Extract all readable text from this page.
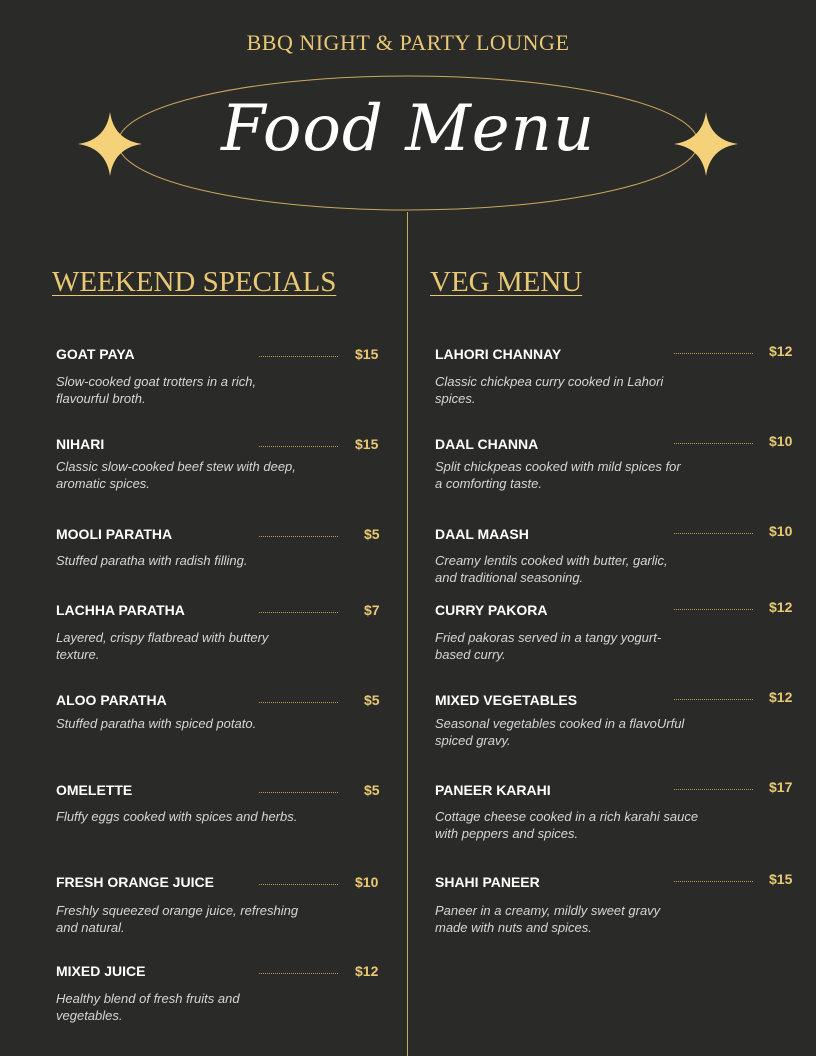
BBQ NIGHT & PARTY LOUNGE
Food Menu
WEEKEND SPECIALS	VEG MENU
GOAT PAYA	$15
Slow-cooked goat trotters in a rich, flavourful broth.
NIHARI	$15
Classic slow-cooked beef stew with deep, aromatic spices.
MOOLI PARATHA	$5
Stuffed paratha with radish filling.
LACHHA PARATHA	$7
Layered, crispy flatbread with buttery texture.
ALOO PARATHA	$5
Stuffed paratha with spiced potato.
OMELETTE	$5
Fluffy eggs cooked with spices and herbs.
FRESH ORANGE JUICE	$10
Freshly squeezed orange juice, refreshing and natural.
MIXED JUICE	$12
Healthy blend of fresh fruits and vegetables.
LAHORI CHANNAY	$12
Classic chickpea curry cooked in Lahori spices.
DAAL CHANNA	$10
Split chickpeas cooked with mild spices for a comforting taste.
DAAL MAASH	$10
Creamy lentils cooked with butter, garlic, and traditional seasoning.
CURRY PAKORA	$12
Fried pakoras served in a tangy yogurt-based curry.
MIXED VEGETABLES	$12
Seasonal vegetables cooked in a flavoUrful spiced gravy.
PANEER KARAHI	$17
Cottage cheese cooked in a rich karahi sauce with peppers and spices.
SHAHI PANEER	$15
Paneer in a creamy, mildly sweet gravy made with nuts and spices.
